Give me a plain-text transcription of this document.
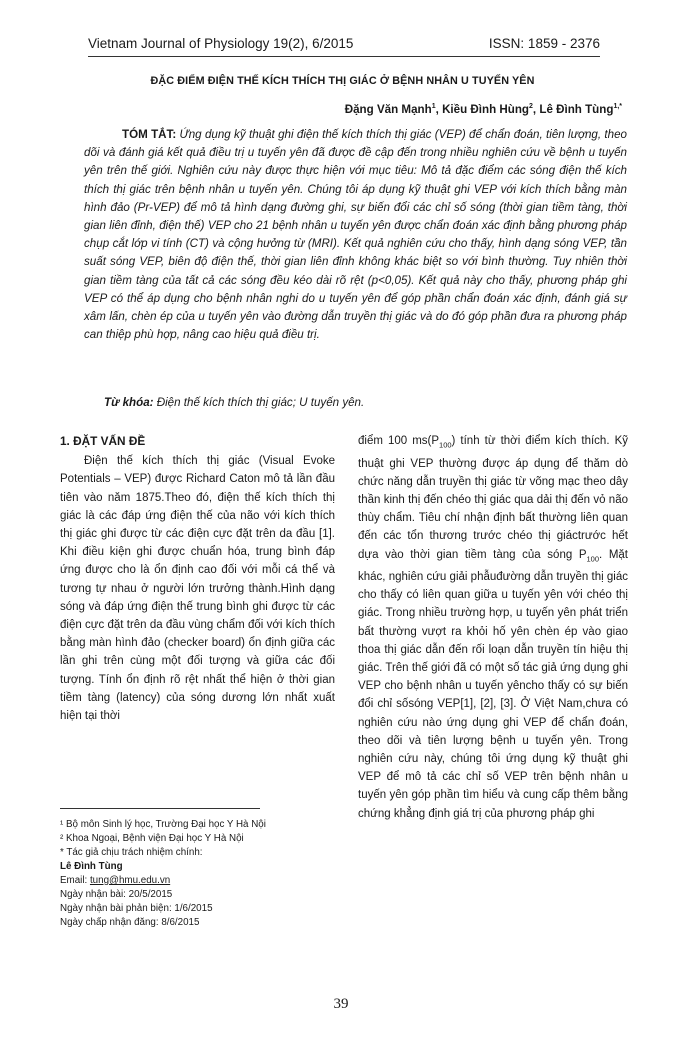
Vietnam Journal of Physiology 19(2), 6/2015	ISSN: 1859 - 2376
ĐẶC ĐIỂM ĐIỆN THẾ KÍCH THÍCH THỊ GIÁC Ở BỆNH NHÂN U TUYẾN YÊN
Đặng Văn Mạnh$^1$, Kiều Đình Hùng$^2$, Lê Đình Tùng$^{1,*}$
TÓM TẮT: Ứng dụng kỹ thuật ghi điện thế kích thích thị giác (VEP) để chẩn đoán, tiên lượng, theo dõi và đánh giá kết quả điều trị u tuyến yên đã được đề cập đến trong nhiều nghiên cứu về bệnh u tuyến yên trên thế giới. Nghiên cứu này được thực hiện với mục tiêu: Mô tả đặc điểm các sóng điện thế kích thích thị giác trên bệnh nhân u tuyến yên. Chúng tôi áp dụng kỹ thuật ghi VEP với kích thích bằng màn hình đảo (Pr-VEP) để mô tả hình dạng đường ghi, sự biến đổi các chỉ số sóng (thời gian tiềm tàng, thời gian liên đỉnh, điện thế) VEP cho 21 bệnh nhân u tuyến yên được chẩn đoán xác định bằng phương pháp chụp cắt lớp vi tính (CT) và cộng hưởng từ (MRI). Kết quả nghiên cứu cho thấy, hình dạng sóng VEP, tần suất sóng VEP, biên độ điện thế, thời gian liên đỉnh không khác biệt so với bình thường. Tuy nhiên thời gian tiềm tàng của tất cả các sóng đều kéo dài rõ rệt (p<0,05). Kết quả này cho thấy, phương pháp ghi VEP có thể áp dụng cho bệnh nhân nghi do u tuyến yên để góp phần chẩn đoán xác định, đánh giá sự xâm lấn, chèn ép của u tuyến yên vào đường dẫn truyền thị giác và do đó góp phần đưa ra phương pháp can thiệp phù hợp, nâng cao hiệu quả điều trị.
Từ khóa: Điện thế kích thích thị giác; U tuyến yên.
1. ĐẶT VẤN ĐỀ

Điện thế kích thích thị giác (Visual Evoke Potentials – VEP) được Richard Caton mô tả lần đầu tiên vào năm 1875.Theo đó, điện thế kích thích thị giác là các đáp ứng điện thế của não với kích thích thị giác ghi được từ các điện cực đặt trên da đầu [1]. Khi điều kiện ghi được chuẩn hóa, trung bình đáp ứng được cho là ổn định cao đối với mỗi cá thể và tương tự nhau ở người lớn trưởng thành.Hình dạng sóng và đáp ứng điện thế trung bình ghi được từ các điện cực đặt trên da đầu vùng chẩm đối với kích thích bằng màn hình đảo (checker board) ổn định giữa các lần ghi trên cùng một đối tượng và giữa các đối tượng. Tính ổn định rõ rệt nhất thể hiện ở thời gian tiềm tàng (latency) của sóng dương lớn nhất xuất hiện tại thời

điểm 100 $ms(P_{100})$ tính từ thời điểm kích thích. Kỹ thuật ghi VEP thường được áp dụng để thăm dò chức năng dẫn truyền thị giác từ võng mạc theo dây thần kinh thị đến chéo thị giác qua dải thị đến vỏ não thùy chẩm. Tiêu chí nhận định bất thường liên quan đến các tổn thương trước chéo thị giáctrước hết dựa vào thời gian tiềm tàng của sóng $P_{100}$. Mặt khác, nghiên cứu giải phẫuđường dẫn truyền thị giác cho thấy có liên quan giữa u tuyến yên với chéo thị giác. Trong nhiều trường hợp, u tuyến yên phát triển bất thường vượt ra khỏi hố yên chèn ép vào giao thoa thị giác dẫn đến rối loạn dẫn truyền tín hiệu thị giác. Trên thế giới đã có một số tác giả ứng dụng ghi VEP cho bệnh nhân u tuyến yêncho thấy có sự biến đổi chỉ sốsóng VEP[1], [2], [3]. Ở Việt Nam,chưa có nghiên cứu nào ứng dụng ghi VEP để chẩn đoán, theo dõi và tiên lượng bệnh u tuyến yên. Trong nghiên cứu này, chúng tôi ứng dụng kỹ thuật ghi VEP để mô tả các chỉ số VEP trên bệnh nhân u tuyến yên góp phần tìm hiểu và cung cấp thêm bằng chứng khẳng định giá trị của phương pháp ghi

¹ Bộ môn Sinh lý học, Trường Đại học Y Hà Nội
² Khoa Ngoại, Bệnh viện Đại học Y Hà Nội
* Tác giả chịu trách nhiệm chính:
Lê Đình Tùng
Email: tung@hmu.edu.vn
Ngày nhận bài: 20/5/2015
Ngày nhận bài phản biện: 1/6/2015
Ngày chấp nhận đăng: 8/6/2015
39
